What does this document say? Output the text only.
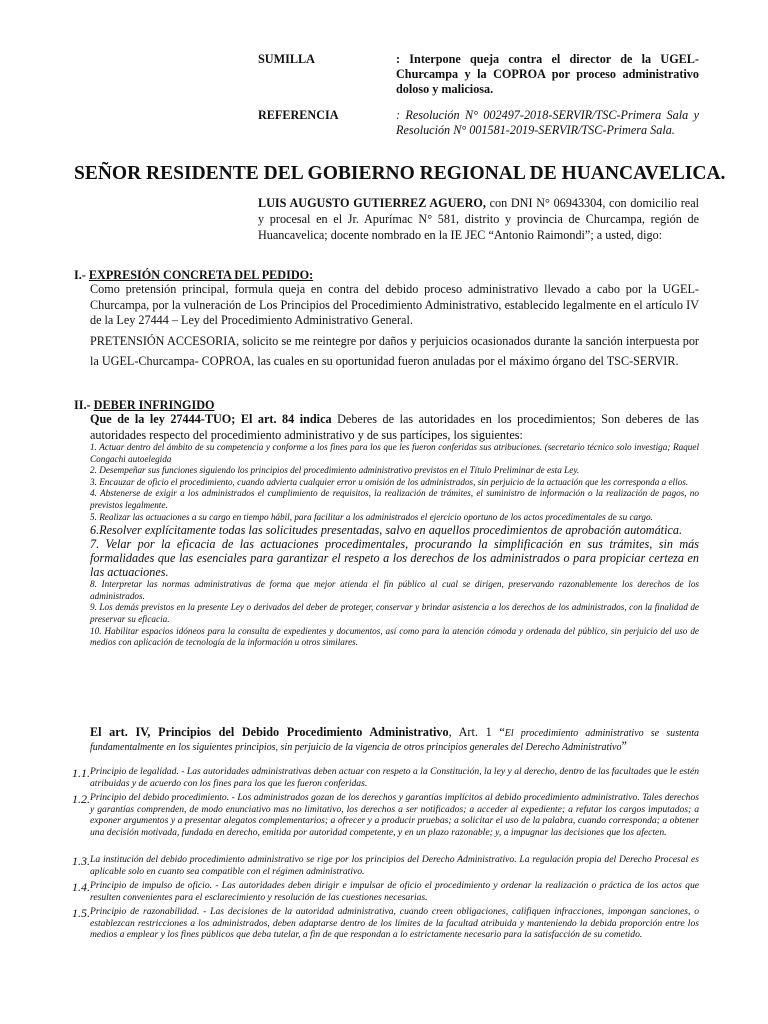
SUMILLA	: Interpone queja contra el director de la UGEL-Churcampa y la COPROA por proceso administrativo doloso y maliciosa.
REFERENCIA	: Resolución N° 002497-2018-SERVIR/TSC-Primera Sala y Resolución N° 001581-2019-SERVIR/TSC-Primera Sala.
SEÑOR RESIDENTE DEL GOBIERNO REGIONAL DE HUANCAVELICA.
LUIS AUGUSTO GUTIERREZ AGUERO, con DNI N° 06943304, con domicilio real y procesal en el Jr. Apurímac N° 581, distrito y provincia de Churcampa, región de Huancavelica; docente nombrado en la IE JEC “Antonio Raimondi”; a usted, digo:
I.- EXPRESIÓN CONCRETA DEL PEDIDO:
Como pretensión principal, formula queja en contra del debido proceso administrativo llevado a cabo por la UGEL-Churcampa, por la vulneración de Los Principios del Procedimiento Administrativo, establecido legalmente en el artículo IV de la Ley 27444 – Ley del Procedimiento Administrativo General.
PRETENSIÓN ACCESORIA, solicito se me reintegre por daños y perjuicios ocasionados durante la sanción interpuesta por la UGEL-Churcampa- COPROA, las cuales en su oportunidad fueron anuladas por el máximo órgano del TSC-SERVIR.
II.- DEBER INFRINGIDO
Que de la ley 27444-TUO; El art. 84 indica Deberes de las autoridades en los procedimientos; Son deberes de las autoridades respecto del procedimiento administrativo y de sus partícipes, los siguientes:
1. Actuar dentro del ámbito de su competencia y conforme a los fines para los que les fueron conferidas sus atribuciones. (secretario técnico solo investiga; Raquel Congachi autoelegida
2. Desempeñar sus funciones siguiendo los principios del procedimiento administrativo previstos en el Título Preliminar de esta Ley.
3. Encauzar de oficio el procedimiento, cuando advierta cualquier error u omisión de los administrados, sin perjuicio de la actuación que les corresponda a ellos.
4. Abstenerse de exigir a los administrados el cumplimiento de requisitos, la realización de trámites, el suministro de información o la realización de pagos, no previstos legalmente.
5. Realizar las actuaciones a su cargo en tiempo hábil, para facilitar a los administrados el ejercicio oportuno de los actos procedimentales de su cargo.
6.Resolver explícitamente todas las solicitudes presentadas, salvo en aquellos procedimientos de aprobación automática.
7. Velar por la eficacia de las actuaciones procedimentales, procurando la simplificación en sus trámites, sin más formalidades que las esenciales para garantizar el respeto a los derechos de los administrados o para propiciar certeza en las actuaciones.
8. Interpretar las normas administrativas de forma que mejor atienda el fin público al cual se dirigen, preservando razonablemente los derechos de los administrados.
9. Los demás previstos en la presente Ley o derivados del deber de proteger, conservar y brindar asistencia a los derechos de los administrados, con la finalidad de preservar su eficacia.
10. Habilitar espacios idóneos para la consulta de expedientes y documentos, así como para la atención cómoda y ordenada del público, sin perjuicio del uso de medios con aplicación de tecnología de la información u otros similares.
El art. IV, Principios del Debido Procedimiento Administrativo, Art. 1 “El procedimiento administrativo se sustenta fundamentalmente en los siguientes principios, sin perjuicio de la vigencia de otros principios generales del Derecho Administrativo”
1.1. Principio de legalidad. - Las autoridades administrativas deben actuar con respeto a la Constitución, la ley y al derecho, dentro de las facultades que le estén atribuidas y de acuerdo con los fines para los que les fueron conferidas.
1.2. Principio del debido procedimiento. - Los administrados gozan de los derechos y garantías implícitos al debido procedimiento administrativo. Tales derechos y garantías comprenden, de modo enunciativo mas no limitativo, los derechos a ser notificados; a acceder al expediente; a refutar los cargos imputados; a exponer argumentos y a presentar alegatos complementarios; a ofrecer y a producir pruebas; a solicitar el uso de la palabra, cuando corresponda; a obtener una decisión motivada, fundada en derecho, emitida por autoridad competente, y en un plazo razonable; y, a impugnar las decisiones que los afecten.
1.3. La institución del debido procedimiento administrativo se rige por los principios del Derecho Administrativo. La regulación propia del Derecho Procesal es aplicable solo en cuanto sea compatible con el régimen administrativo.
1.4. Principio de impulso de oficio. - Las autoridades deben dirigir e impulsar de oficio el procedimiento y ordenar la realización o práctica de los actos que resulten convenientes para el esclarecimiento y resolución de las cuestiones necesarias.
1.5. Principio de razonabilidad. - Las decisiones de la autoridad administrativa, cuando creen obligaciones, califiquen infracciones, impongan sanciones, o establezcan restricciones a los administrados, deben adaptarse dentro de los límites de la facultad atribuida y manteniendo la debida proporción entre los medios a emplear y los fines públicos que deba tutelar, a fin de que respondan a lo estrictamente necesario para la satisfacción de su cometido.
